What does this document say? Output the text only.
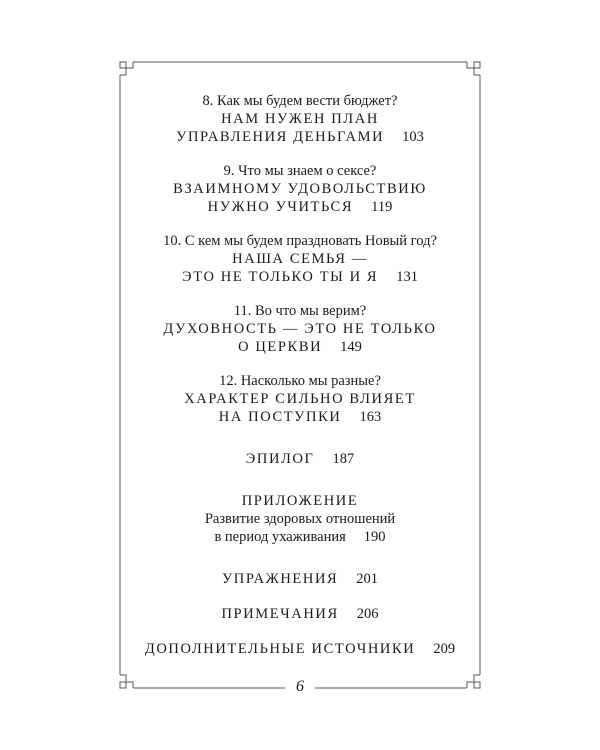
8. Как мы будем вести бюджет?

НАМ НУЖЕН ПЛАН

УПРАВЛЕНИЯ ДЕНЬГАМИ 103

9. Что мы знаем о сексе?

ВЗАИМНОМУ УДОВОЛЬСТВИЮ

НУЖНО УЧИТЬСЯ 119

10. С кем мы будем праздновать Новый год?

НАША СЕМЬЯ —

ЭТО НЕ ТОЛЬКО ТЫ И Я 131

11. Во что мы верим?

ДУХОВНОСТЬ — ЭТО НЕ ТОЛЬКО

О ЦЕРКВИ 149

12. Насколько мы разные?

ХАРАКТЕР СИЛЬНО ВЛИЯЕТ

НА ПОСТУПКИ 163

ЭПИЛОГ 187

ПРИЛОЖЕНИЕ

Развитие здоровых отношений

в период ухаживания 190

УПРАЖНЕНИЯ 201

ПРИМЕЧАНИЯ 206

ДОПОЛНИТЕЛЬНЫЕ ИСТОЧНИКИ 209

6
